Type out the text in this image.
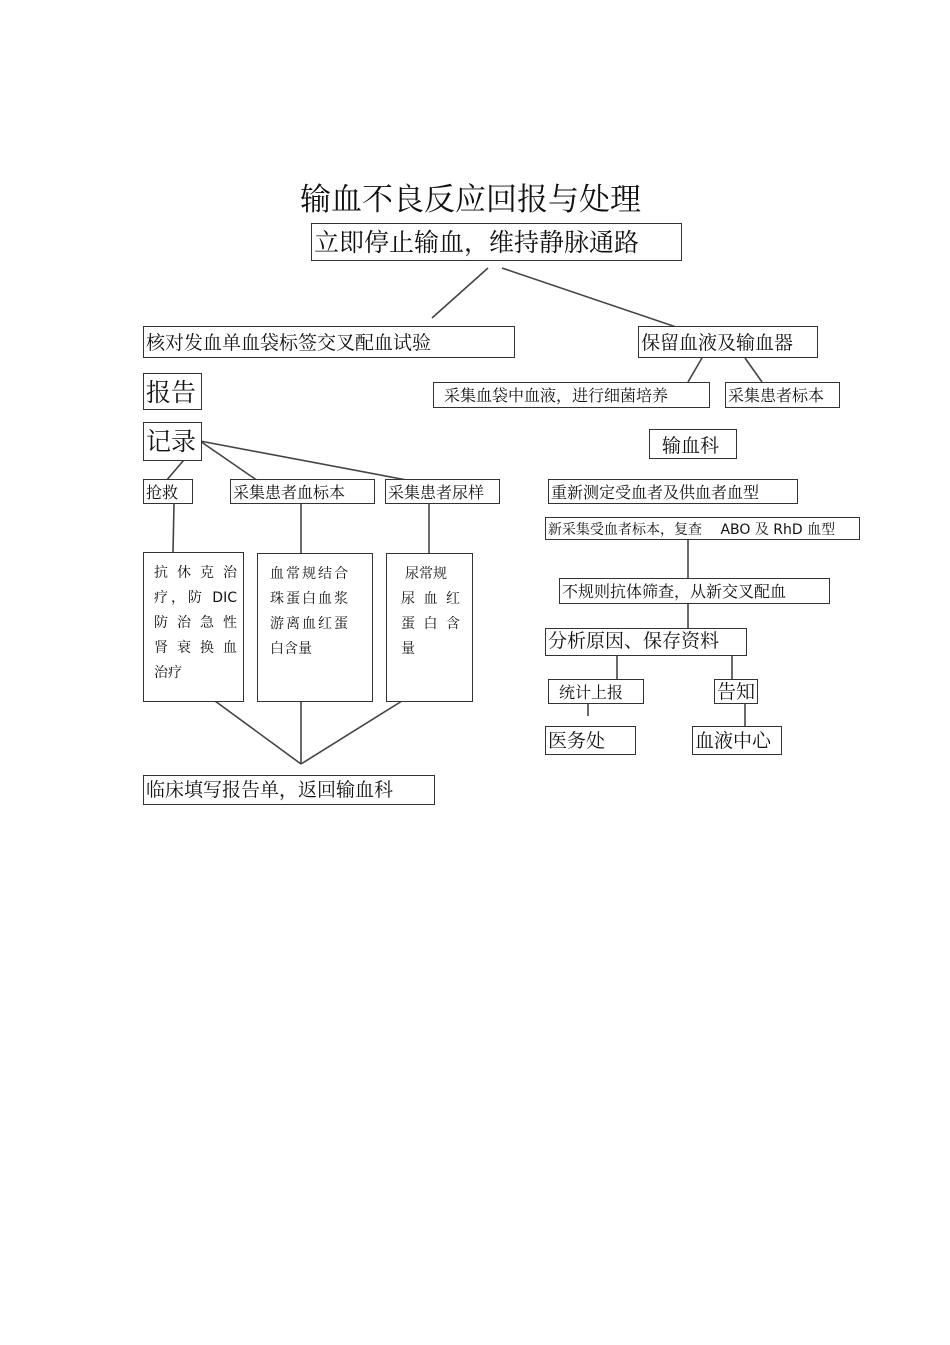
输血不良反应回报与处理
立即停止输血，维持静脉通路
核对发血单血袋标签交叉配血试验	保留血液及输血器
采集血袋中血液，进行细菌培养	采集患者标本
报告
记录	输血科
抢救	采集患者血标本	采集患者尿样	重新测定受血者及供血者血型
新采集受血者标本，复查　 ABO 及 RhD 血型
抗 休 克 治
疗，防 DIC
防 治 急 性
肾 衰 换 血
治疗
血常规结合
珠蛋白血浆
游离血红蛋
白含量
尿常规
尿 血 红
蛋 白 含
量
不规则抗体筛查，从新交叉配血
分析原因、保存资料
统计上报	告知
医务处	血液中心
临床填写报告单，返回输血科
